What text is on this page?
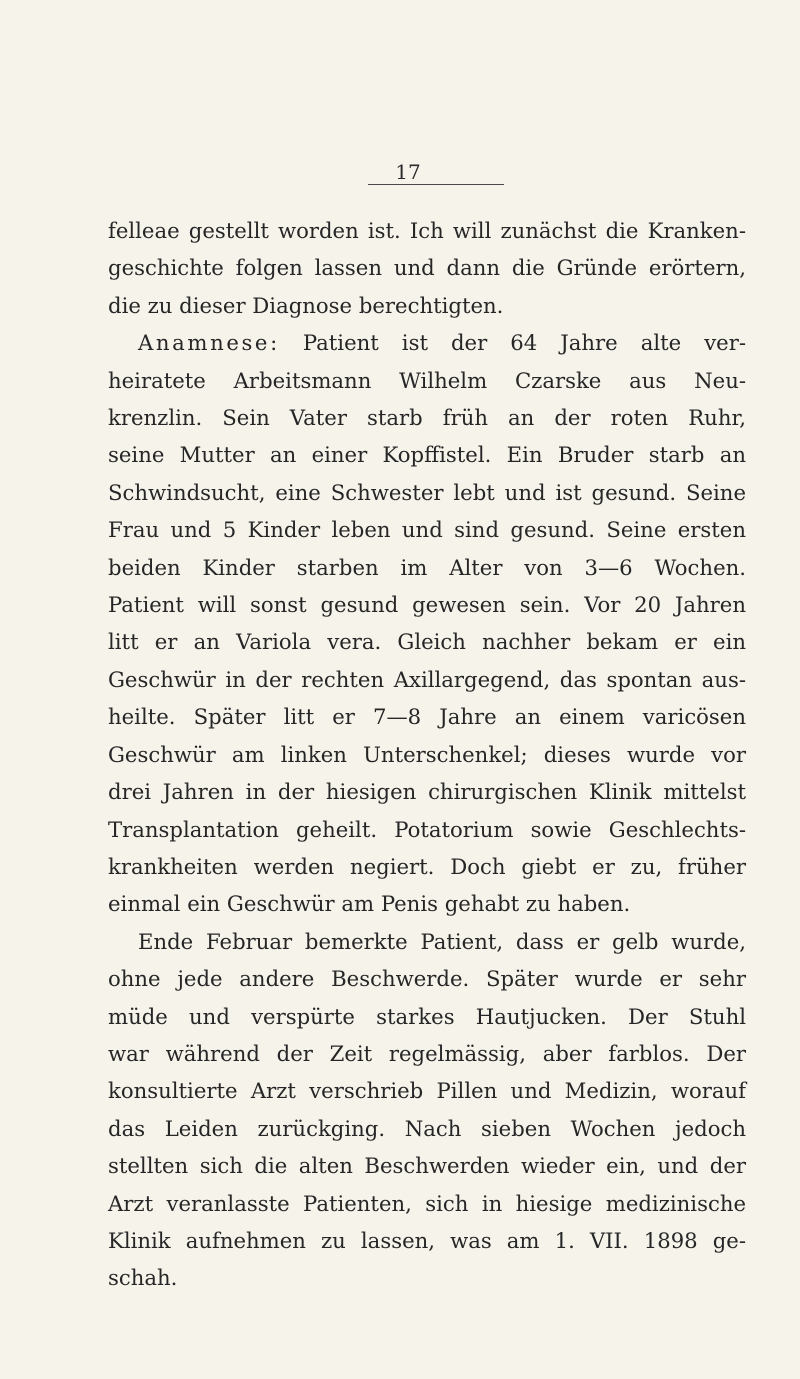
17
felleae gestellt worden ist. Ich will zunächst die Kranken-
geschichte folgen lassen und dann die Gründe erörtern,
die zu dieser Diagnose berechtigten.
Anamnese: Patient ist der 64 Jahre alte ver-
heiratete Arbeitsmann Wilhelm Czarske aus Neu-
krenzlin. Sein Vater starb früh an der roten Ruhr,
seine Mutter an einer Kopffistel. Ein Bruder starb an
Schwindsucht, eine Schwester lebt und ist gesund. Seine
Frau und 5 Kinder leben und sind gesund. Seine ersten
beiden Kinder starben im Alter von 3—6 Wochen.
Patient will sonst gesund gewesen sein. Vor 20 Jahren
litt er an Variola vera. Gleich nachher bekam er ein
Geschwür in der rechten Axillargegend, das spontan aus-
heilte. Später litt er 7—8 Jahre an einem varicösen
Geschwür am linken Unterschenkel; dieses wurde vor
drei Jahren in der hiesigen chirurgischen Klinik mittelst
Transplantation geheilt. Potatorium sowie Geschlechts-
krankheiten werden negiert. Doch giebt er zu, früher
einmal ein Geschwür am Penis gehabt zu haben.
Ende Februar bemerkte Patient, dass er gelb wurde,
ohne jede andere Beschwerde. Später wurde er sehr
müde und verspürte starkes Hautjucken. Der Stuhl
war während der Zeit regelmässig, aber farblos. Der
konsultierte Arzt verschrieb Pillen und Medizin, worauf
das Leiden zurückging. Nach sieben Wochen jedoch
stellten sich die alten Beschwerden wieder ein, und der
Arzt veranlasste Patienten, sich in hiesige medizinische
Klinik aufnehmen zu lassen, was am 1. VII. 1898 ge-
schah.
